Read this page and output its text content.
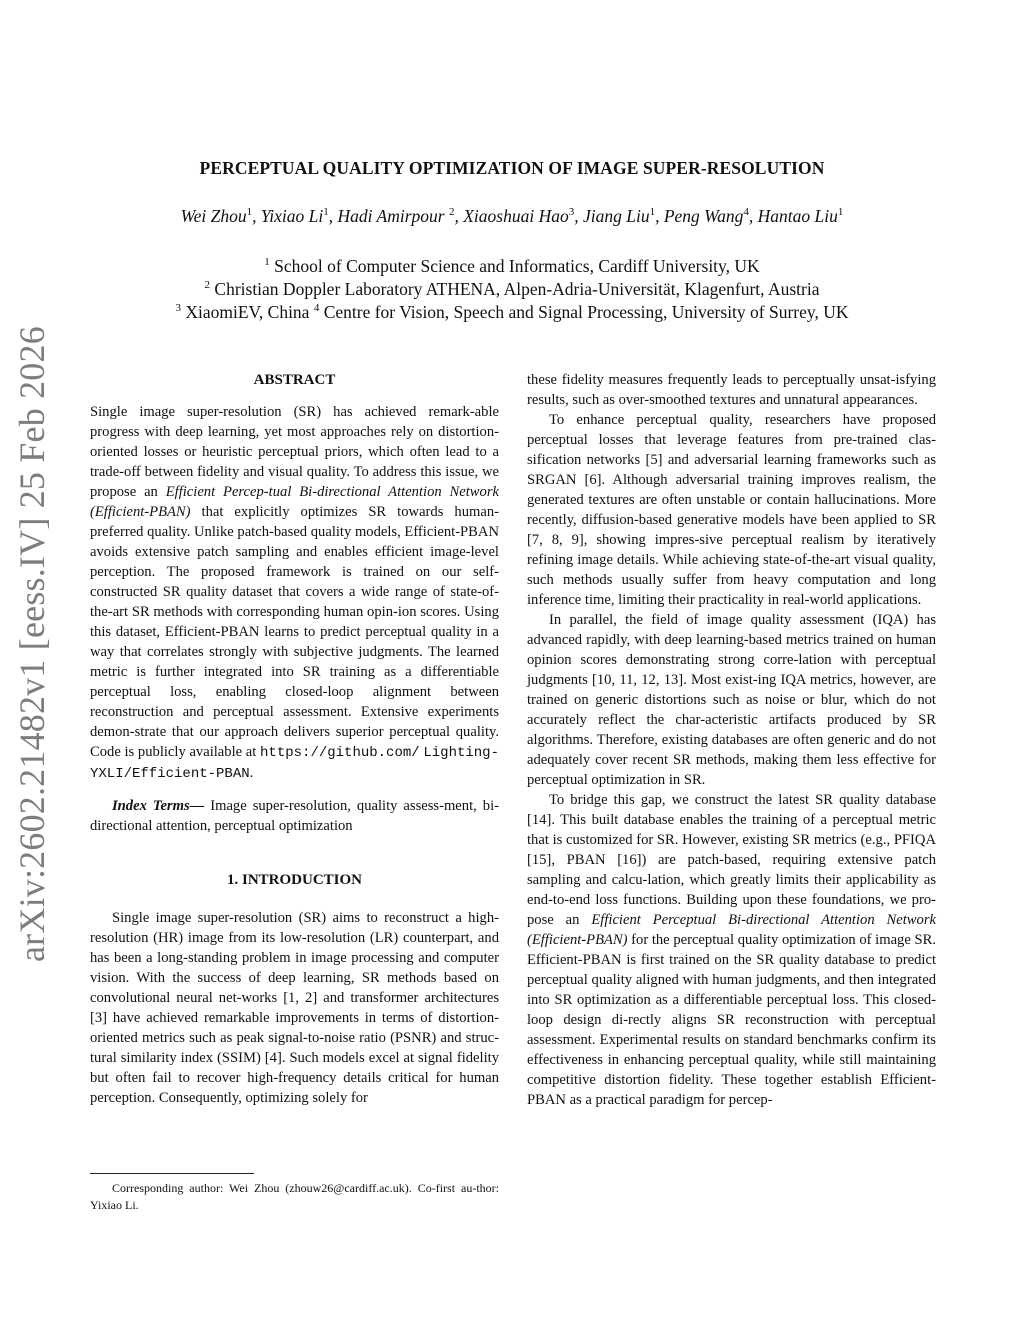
arXiv:2602.21482v1 [eess.IV] 25 Feb 2026
PERCEPTUAL QUALITY OPTIMIZATION OF IMAGE SUPER-RESOLUTION
Wei Zhou$^1$, Yixiao Li$^1$, Hadi Amirpour $^2$, Xiaoshuai Hao$^3$, Jiang Liu$^1$, Peng Wang$^4$, Hantao Liu$^1$
$^1$ School of Computer Science and Informatics, Cardiff University, UK
$^2$ Christian Doppler Laboratory ATHENA, Alpen-Adria-Universität, Klagenfurt, Austria
$^3$ XiaomiEV, China $^4$ Centre for Vision, Speech and Signal Processing, University of Surrey, UK

ABSTRACT

Single image super-resolution (SR) has achieved remark-able progress with deep learning, yet most approaches rely on distortion-oriented losses or heuristic perceptual priors, which often lead to a trade-off between fidelity and visual quality. To address this issue, we propose an Efficient Percep-tual Bi-directional Attention Network (Efficient-PBAN) that explicitly optimizes SR towards human-preferred quality. Unlike patch-based quality models, Efficient-PBAN avoids extensive patch sampling and enables efficient image-level perception. The proposed framework is trained on our self-constructed SR quality dataset that covers a wide range of state-of-the-art SR methods with corresponding human opin-ion scores. Using this dataset, Efficient-PBAN learns to predict perceptual quality in a way that correlates strongly with subjective judgments. The learned metric is further integrated into SR training as a differentiable perceptual loss, enabling closed-loop alignment between reconstruction and perceptual assessment. Extensive experiments demon-strate that our approach delivers superior perceptual quality. Code is publicly available at https://github.com/ Lighting-YXLI/Efficient-PBAN.

Index Terms— Image super-resolution, quality assess-ment, bi-directional attention, perceptual optimization

1. INTRODUCTION

Single image super-resolution (SR) aims to reconstruct a high-resolution (HR) image from its low-resolution (LR) counterpart, and has been a long-standing problem in image processing and computer vision. With the success of deep learning, SR methods based on convolutional neural net-works [1, 2] and transformer architectures [3] have achieved remarkable improvements in terms of distortion-oriented metrics such as peak signal-to-noise ratio (PSNR) and struc-tural similarity index (SSIM) [4]. Such models excel at signal fidelity but often fail to recover high-frequency details critical for human perception. Consequently, optimizing solely for

Corresponding author: Wei Zhou (zhouw26@cardiff.ac.uk). Co-first au-thor: Yixiao Li.

these fidelity measures frequently leads to perceptually unsat-isfying results, such as over-smoothed textures and unnatural appearances.

To enhance perceptual quality, researchers have proposed perceptual losses that leverage features from pre-trained clas-sification networks [5] and adversarial learning frameworks such as SRGAN [6]. Although adversarial training improves realism, the generated textures are often unstable or contain hallucinations. More recently, diffusion-based generative models have been applied to SR [7, 8, 9], showing impres-sive perceptual realism by iteratively refining image details. While achieving state-of-the-art visual quality, such methods usually suffer from heavy computation and long inference time, limiting their practicality in real-world applications.

In parallel, the field of image quality assessment (IQA) has advanced rapidly, with deep learning-based metrics trained on human opinion scores demonstrating strong corre-lation with perceptual judgments [10, 11, 12, 13]. Most exist-ing IQA metrics, however, are trained on generic distortions such as noise or blur, which do not accurately reflect the char-acteristic artifacts produced by SR algorithms. Therefore, existing databases are often generic and do not adequately cover recent SR methods, making them less effective for perceptual optimization in SR.

To bridge this gap, we construct the latest SR quality database [14]. This built database enables the training of a perceptual metric that is customized for SR. However, existing SR metrics (e.g., PFIQA [15], PBAN [16]) are patch-based, requiring extensive patch sampling and calcu-lation, which greatly limits their applicability as end-to-end loss functions. Building upon these foundations, we pro-pose an Efficient Perceptual Bi-directional Attention Network (Efficient-PBAN) for the perceptual quality optimization of image SR. Efficient-PBAN is first trained on the SR quality database to predict perceptual quality aligned with human judgments, and then integrated into SR optimization as a differentiable perceptual loss. This closed-loop design di-rectly aligns SR reconstruction with perceptual assessment. Experimental results on standard benchmarks confirm its effectiveness in enhancing perceptual quality, while still maintaining competitive distortion fidelity. These together establish Efficient-PBAN as a practical paradigm for percep-
